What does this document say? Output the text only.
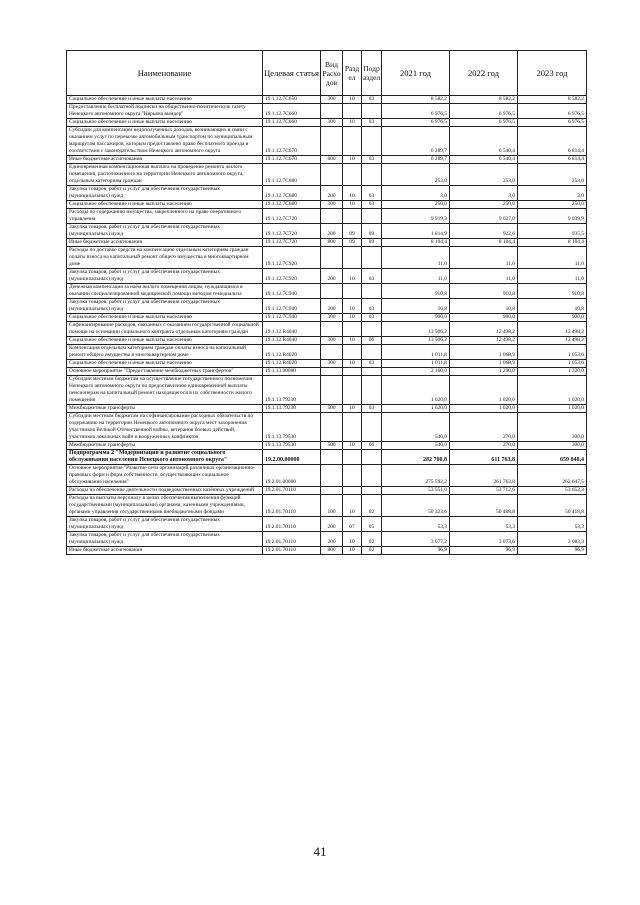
Наименование	Целевая статья	Вид Расхо дов	Разд ел	Подр аздел	2021 год	2022 год	2023 год
Социальное обеспечение и иные выплаты населению	19.1.12.7С650	300	10	03	8 582,2	8 582,2	8 582,2
Предоставление бесплатной подписки на общественно-политическую газету Ненецкого автономного округа "Нярьяна вындер"	19.1.12.7С660				6 976,5	6 976,5	6 976,5
Социальное обеспечение и иные выплаты населению	19.1.12.7С660	300	10	03	6 976,5	6 976,5	6 976,5
Субсидии для компенсации недополученных доходов, возникающих в связи с оказанием услуг по перевозке автомобильным транспортом по муниципальным маршрутам пассажиров, которым предоставлено право бесплатного проезда в соответствии с законодательством Ненецкого автономного округа	19.1.12.7С670				6 289,7	6 540,4	6 814,4
Иные бюджетные ассигнования	19.1.12.7С670	800	10	03	6 289,7	6 540,4	6 814,4
Единовременная компенсационная выплата на проведение ремонта жилого помещения, расположенного на территории Ненецкого автономного округа, отдельным категориям граждан	19.1.12.7С680				253,0	253,0	253,0
Закупка товаров, работ и услуг для обеспечения государственных (муниципальных) нужд	19.1.12.7С680	200	10	03	3,0	3,0	3,0
Социальное обеспечение и иные выплаты населению	19.1.12.7С680	300	10	03	250,0	250,0	250,0
Расходы по содержанию имущества, закрепленного на праве оперативного управления	19.1.12.7С720				9 919,3	9 027,0	9 039,9
Закупка товаров, работ и услуг для обеспечения государственных (муниципальных) нужд	19.1.12.7С720	200	09	09	1 814,9	922,6	935,5
Иные бюджетные ассигнования	19.1.12.7С720	800	09	09	8 104,4	8 104,4	8 104,4
Расходы по доставке средств на компенсацию отдельным категориям граждан оплаты взноса на капитальный ремонт общего имущества в многоквартирном доме	19.1.12.7С920				11,0	11,0	11,0
Закупка товаров, работ и услуг для обеспечения государственных (муниципальных) нужд	19.1.12.7С920	200	10	03	11,0	11,0	11,0
Денежная компенсация за наём жилого помещения лицам, нуждающимся в оказании специализированной медицинской помощи методом гемодиализа	19.1.12.7С940				910,8	910,8	910,8
Закупка товаров, работ и услуг для обеспечения государственных (муниципальных) нужд	19.1.12.7С940	200	10	03	10,8	10,8	10,8
Социальное обеспечение и иные выплаты населению	19.1.12.7С940	300	10	03	900,0	900,0	900,0
Софинансирование расходов, связанных с оказанием государственной социальной помощи на основании социального контракта отдельным категориям граждан	19.1.12.R4040				13 506,2	12 498,2	12 498,2
Социальное обеспечение и иные выплаты населению	19.1.12.R4040	300	10	06	13 506,2	12 498,2	12 498,2
Компенсация отдельным категориям граждан оплаты взноса на капитальный ремонт общего имущества в многоквартирном доме	19.1.12.R4620				1 011,8	1 068,9	1 053,6
Социальное обеспечение и иные выплаты населению	19.1.12.R4620	300	10	03	1 011,8	1 068,9	1 053,6
Основное мероприятие "Предоставление межбюджетных трансфертов"	19.1.13.00000				2 160,0	1 290,0	1 320,0
Субсидии местным бюджетам на осуществление государственного полномочия Ненецкого автономного округа по предоставлению единовременной выплаты пенсионерам на капитальный ремонт находящегося в их собственности жилого помещения	19.1.13.79230				1 620,0	1 020,0	1 020,0
Межбюджетные трансферты	19.1.13.79230	500	10	03	1 620,0	1 020,0	1 020,0
Субсидии местным бюджетам на софинансирование расходных обязательств по содержанию на территории Ненецкого автономного округа мест захоронения участников Великой Отечественной войны, ветеранов боевых действий, участников локальных войн и вооруженных конфликтов	19.1.13.79530				540,0	270,0	300,0
Межбюджетные трансферты	19.1.13.79530	500	10	06	540,0	270,0	300,0
Подпрограмма 2 "Модернизация и развитие социального обслуживания населения Ненецкого автономного округа"	19.2.00.00000				282 700,8	611 763,8	659 848,4
Основное мероприятие "Развитие сети организаций различных организационно-правовых форм и форм собственности, осуществляющих социальное обслуживание населения"	19.2.01.00000				275 592,2	261 763,8	262 647,5
Расходы на обеспечение деятельности подведомственных казённых учреждений	19.2.01.70110				53 551,0	53 712,6	53 652,3
Расходы на выплаты персоналу в целях обеспечения выполнения функций государственными (муниципальными) органами, казенными учреждениями, органами управления государственными внебюджетными фондами	19.2.01.70110	100	10	02	50 323,6	50 488,8	50 418,8
Закупка товаров, работ и услуг для обеспечения государственных (муниципальных) нужд	19.2.01.70110	200	07	05	53,3	53,3	53,3
Закупка товаров, работ и услуг для обеспечения государственных (муниципальных) нужд	19.2.01.70110	200	10	02	3 077,2	3 073,6	3 083,3
Иные бюджетные ассигнования	19.2.01.70110	800	10	02	96,9	96,9	96,9
41
